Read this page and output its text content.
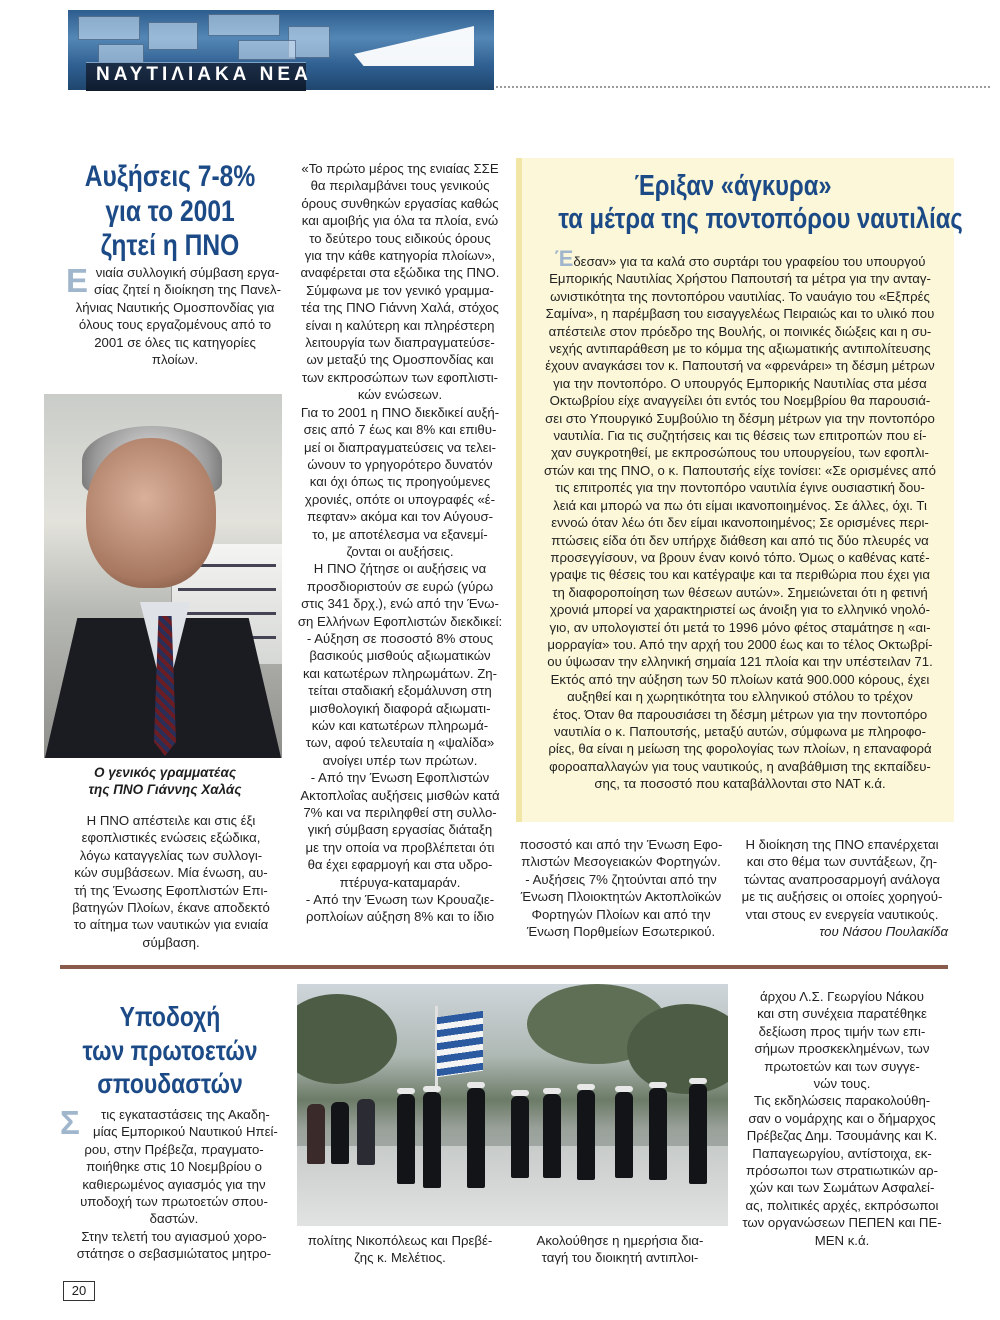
ΝΑΥΤΙΛΙΑΚΑ ΝΕΑ
Αυξήσεις 7-8%
για το 2001
ζητεί η ΠΝΟ
Ε νιαία συλλογική σύμβαση εργα-
σίας ζητεί η διοίκηση της Πανελ-
λήνιας Ναυτικής Ομοσπονδίας για
όλους τους εργαζομένους από το
2001 σε όλες τις κατηγορίες
πλοίων.
Ο γενικός γραμματέας
της ΠΝΟ Γιάννης Χαλάς
Η ΠΝΟ απέστειλε και στις έξι
εφοπλιστικές ενώσεις εξώδικα,
λόγω καταγγελίας των συλλογι-
κών συμβάσεων. Μία ένωση, αυ-
τή της Ένωσης Εφοπλιστών Επι-
βατηγών Πλοίων, έκανε αποδεκτό
το αίτημα των ναυτικών για ενιαία
σύμβαση.
«Το πρώτο μέρος της ενιαίας ΣΣΕ
θα περιλαμβάνει τους γενικούς
όρους συνθηκών εργασίας καθώς
και αμοιβής για όλα τα πλοία, ενώ
το δεύτερο τους ειδικούς όρους
για την κάθε κατηγορία πλοίων»,
αναφέρεται στα εξώδικα της ΠΝΟ.
Σύμφωνα με τον γενικό γραμμα-
τέα της ΠΝΟ Γιάννη Χαλά, στόχος
είναι η καλύτερη και πληρέστερη
λειτουργία των διαπραγματεύσε-
ων μεταξύ της Ομοσπονδίας και
των εκπροσώπων των εφοπλιστι-
κών ενώσεων.
Για το 2001 η ΠΝΟ διεκδικεί αυξή-
σεις από 7 έως και 8% και επιθυ-
μεί οι διαπραγματεύσεις να τελει-
ώνουν το γρηγορότερο δυνατόν
και όχι όπως τις προηγούμενες
χρονιές, οπότε οι υπογραφές «έ-
πεφταν» ακόμα και τον Αύγουσ-
το, με αποτέλεσμα να εξανεμί-
ζονται οι αυξήσεις.
Η ΠΝΟ ζήτησε οι αυξήσεις να
προσδιοριστούν σε ευρώ (γύρω
στις 341 δρχ.), ενώ από την Ένω-
ση Ελλήνων Εφοπλιστών διεκδικεί:
- Αύξηση σε ποσοστό 8% στους
βασικούς μισθούς αξιωματικών
και κατωτέρων πληρωμάτων. Ζη-
τείται σταδιακή εξομάλυνση στη
μισθολογική διαφορά αξιωματι-
κών και κατωτέρων πληρωμά-
των, αφού τελευταία η «ψαλίδα»
ανοίγει υπέρ των πρώτων.
- Από την Ένωση Εφοπλιστών
Ακτοπλοΐας αυξήσεις μισθών κατά
7% και να περιληφθεί στη συλλο-
γική σύμβαση εργασίας διάταξη
με την οποία να προβλέπεται ότι
θα έχει εφαρμογή και στα υδρο-
πτέρυγα-καταμαράν.
- Από την Ένωση των Κρουαζιε-
ροπλοίων αύξηση 8% και το ίδιο
Έριξαν «άγκυρα»
τα μέτρα της ποντοπόρου ναυτιλίας
Έδεσαν» για τα καλά στο συρτάρι του γραφείου του υπουργού
Εμπορικής Ναυτιλίας Χρήστου Παπουτσή τα μέτρα για την ανταγ-
ωνιστικότητα της ποντοπόρου ναυτιλίας. Το ναυάγιο του «Εξπρές
Σαμίνα», η παρέμβαση του εισαγγελέως Πειραιώς και το υλικό που
απέστειλε στον πρόεδρο της Βουλής, οι ποινικές διώξεις και η συ-
νεχής αντιπαράθεση με το κόμμα της αξιωματικής αντιπολίτευσης
έχουν αναγκάσει τον κ. Παπουτσή να «φρενάρει» τη δέσμη μέτρων
για την ποντοπόρο. Ο υπουργός Εμπορικής Ναυτιλίας στα μέσα
Οκτωβρίου είχε αναγγείλει ότι εντός του Νοεμβρίου θα παρουσιά-
σει στο Υπουργικό Συμβούλιο τη δέσμη μέτρων για την ποντοπόρο
ναυτιλία. Για τις συζητήσεις και τις θέσεις των επιτροπών που εί-
χαν συγκροτηθεί, με εκπροσώπους του υπουργείου, των εφοπλι-
στών και της ΠΝΟ, ο κ. Παπουτσής είχε τονίσει: «Σε ορισμένες από
τις επιτροπές για την ποντοπόρο ναυτιλία έγινε ουσιαστική δου-
λειά και μπορώ να πω ότι είμαι ικανοποιημένος. Σε άλλες, όχι. Τι
εννοώ όταν λέω ότι δεν είμαι ικανοποιημένος; Σε ορισμένες περι-
πτώσεις είδα ότι δεν υπήρχε διάθεση και από τις δύο πλευρές να
προσεγγίσουν, να βρουν έναν κοινό τόπο. Όμως ο καθένας κατέ-
γραψε τις θέσεις του και κατέγραψε και τα περιθώρια που έχει για
τη διαφοροποίηση των θέσεων αυτών». Σημειώνεται ότι η φετινή
χρονιά μπορεί να χαρακτηριστεί ως άνοιξη για το ελληνικό νηολό-
γιο, αν υπολογιστεί ότι μετά το 1996 μόνο φέτος σταμάτησε η «αι-
μορραγία» του. Από την αρχή του 2000 έως και το τέλος Οκτωβρί-
ου ύψωσαν την ελληνική σημαία 121 πλοία και την υπέστειλαν 71.
Εκτός από την αύξηση των 50 πλοίων κατά 900.000 κόρους, έχει
αυξηθεί και η χωρητικότητα του ελληνικού στόλου το τρέχον
έτος. Όταν θα παρουσιάσει τη δέσμη μέτρων για την ποντοπόρο
ναυτιλία ο κ. Παπουτσής, μεταξύ αυτών, σύμφωνα με πληροφο-
ρίες, θα είναι η μείωση της φορολογίας των πλοίων, η επαναφορά
φοροαπαλλαγών για τους ναυτικούς, η αναβάθμιση της εκπαίδευ-
σης, τα ποσοστό που καταβάλλονται στο ΝΑΤ κ.ά.
ποσοστό και από την Ένωση Εφο-
πλιστών Μεσογειακών Φορτηγών.
- Αυξήσεις 7% ζητούνται από την
Ένωση Πλοιοκτητών Ακτοπλοϊκών
Φορτηγών Πλοίων και από την
Ένωση Πορθμείων Εσωτερικού.
Η διοίκηση της ΠΝΟ επανέρχεται
και στο θέμα των συντάξεων, ζη-
τώντας αναπροσαρμογή ανάλογα
με τις αυξήσεις οι οποίες χορηγού-
νται στους εν ενεργεία ναυτικούς.
του Νάσου Πουλακίδα
Υποδοχή
των πρωτοετών
σπουδαστών
Σ	τις εγκαταστάσεις της Ακαδη-
μίας Εμπορικού Ναυτικού Ηπεί-
ρου, στην Πρέβεζα, πραγματο-
ποιήθηκε στις 10 Νοεμβρίου ο
καθιερωμένος αγιασμός για την
υποδοχή των πρωτοετών σπου-
δαστών.
Στην τελετή του αγιασμού χορο-
στάτησε ο σεβασμιώτατος μητρο-
πολίτης Νικοπόλεως και Πρεβέ-
ζης κ. Μελέτιος.
Ακολούθησε η ημερήσια δια-
ταγή του διοικητή αντιπλοι-
άρχου Λ.Σ. Γεωργίου Νάκου
και στη συνέχεια παρατέθηκε
δεξίωση προς τιμήν των επι-
σήμων προσκεκλημένων, των
πρωτοετών και των συγγε-
νών τους.
Τις εκδηλώσεις παρακολούθη-
σαν ο νομάρχης και ο δήμαρχος
Πρέβεζας Δημ. Τσουμάνης και Κ.
Παπαγεωργίου, αντίστοιχα, εκ-
πρόσωποι των στρατιωτικών αρ-
χών και των Σωμάτων Ασφαλεί-
ας, πολιτικές αρχές, εκπρόσωποι
των οργανώσεων ΠΕΠΕΝ και ΠΕ-
ΜΕΝ κ.ά.
20
